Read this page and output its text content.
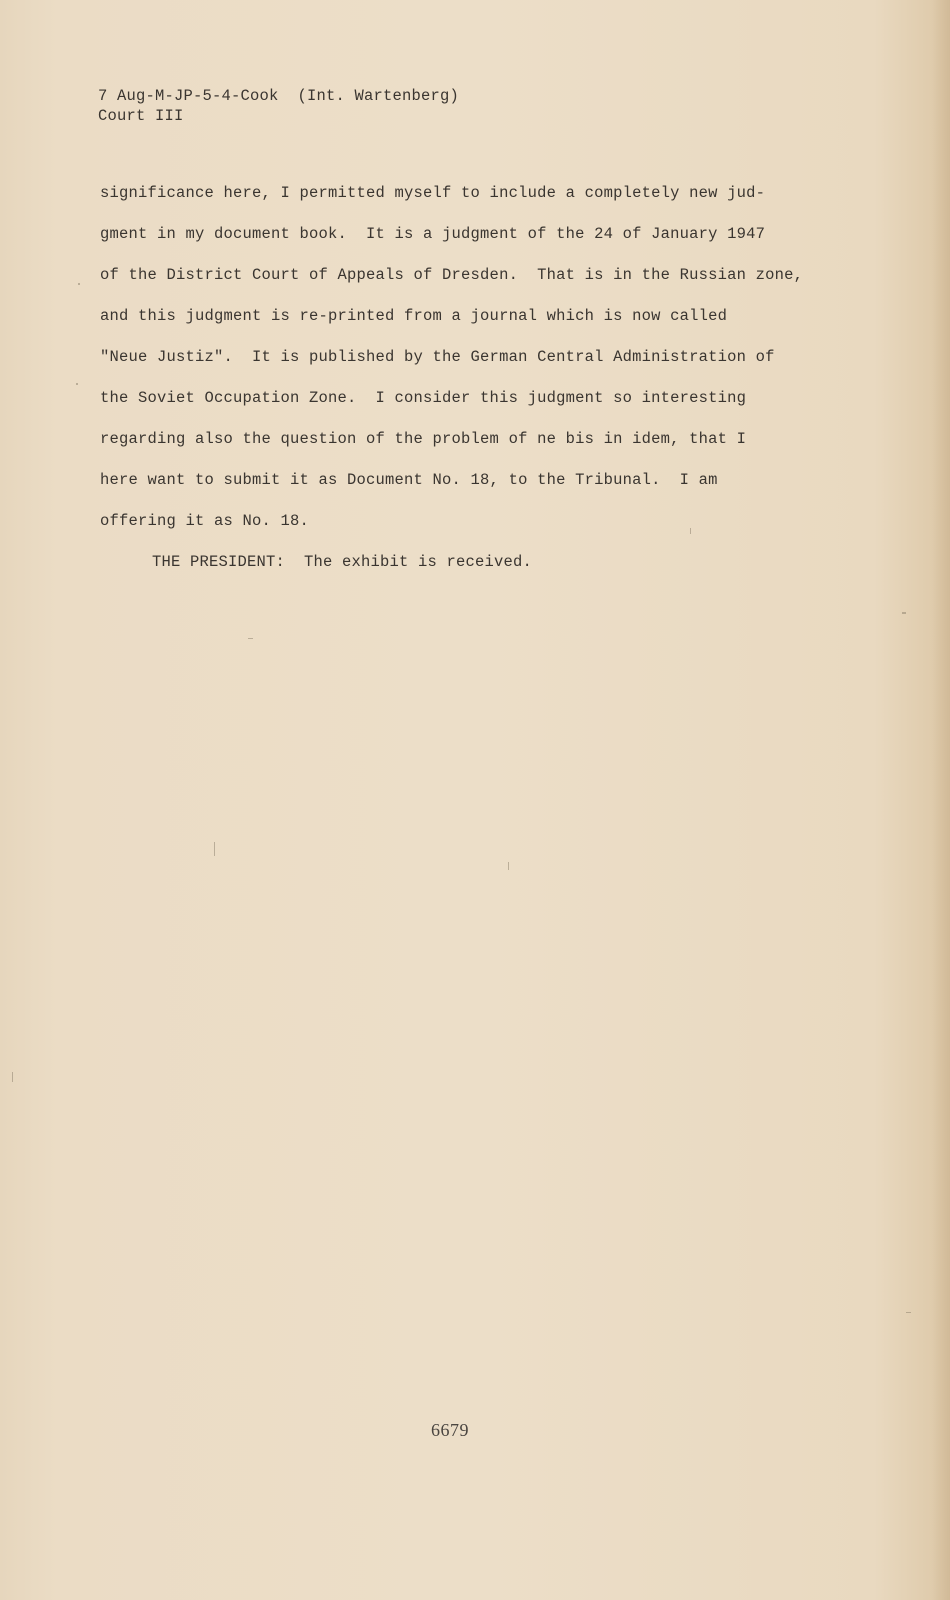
7 Aug-M-JP-5-4-Cook  (Int. Wartenberg)
Court III
significance here, I permitted myself to include a completely new jud-
gment in my document book.  It is a judgment of the 24 of January 1947
of the District Court of Appeals of Dresden.  That is in the Russian zone,
and this judgment is re-printed from a journal which is now called
"Neue Justiz".  It is published by the German Central Administration of
the Soviet Occupation Zone.  I consider this judgment so interesting
regarding also the question of the problem of ne bis in idem, that I
here want to submit it as Document No. 18, to the Tribunal.  I am
offering it as No. 18.
THE PRESIDENT:  The exhibit is received.
6679
